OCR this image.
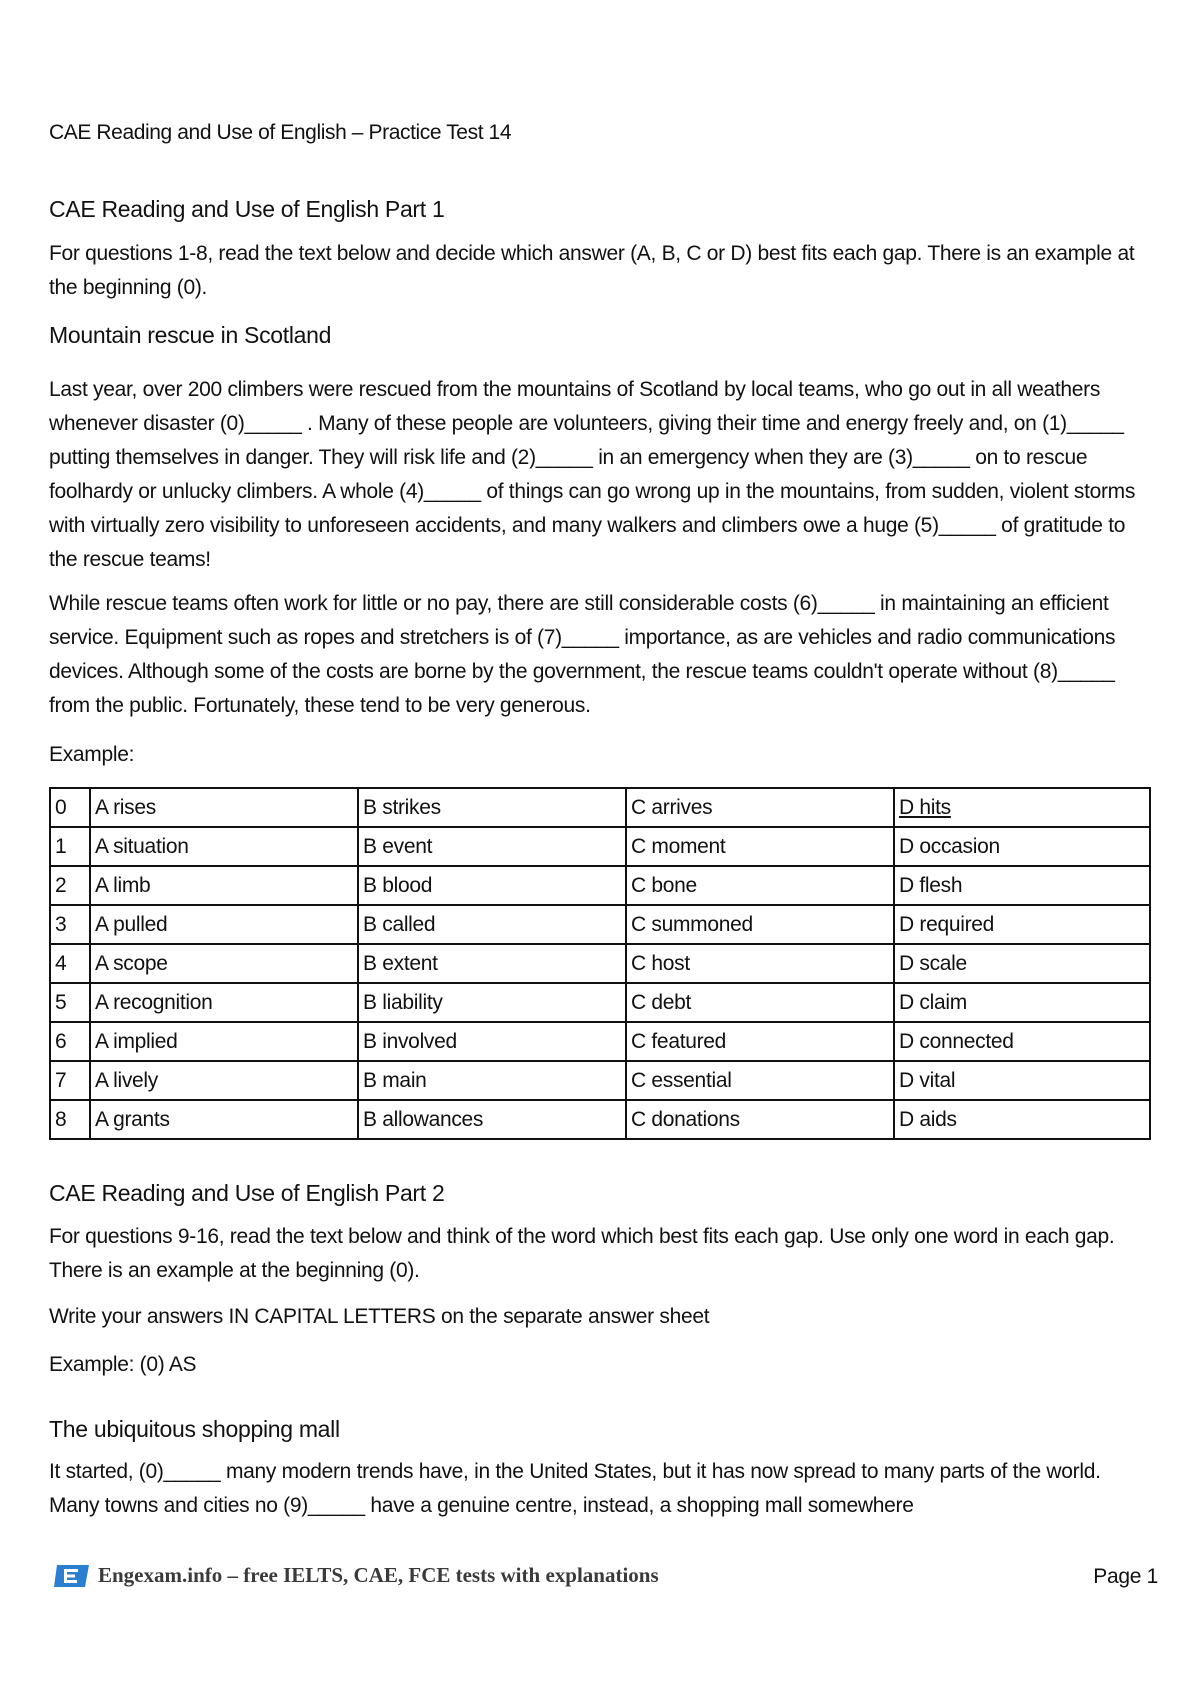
CAE Reading and Use of English – Practice Test 14
CAE Reading and Use of English Part 1

For questions 1-8, read the text below and decide which answer (A, B, C or D) best fits each gap. There is an example at the beginning (0).

Mountain rescue in Scotland

Last year, over 200 climbers were rescued from the mountains of Scotland by local teams, who go out in all weathers whenever disaster (0)_____ . Many of these people are volunteers, giving their time and energy freely and, on (1)_____ putting themselves in danger. They will risk life and (2)_____ in an emergency when they are (3)_____ on to rescue foolhardy or unlucky climbers. A whole (4)_____ of things can go wrong up in the mountains, from sudden, violent storms with virtually zero visibility to unforeseen accidents, and many walkers and climbers owe a huge (5)_____ of gratitude to the rescue teams!

While rescue teams often work for little or no pay, there are still considerable costs (6)_____ in maintaining an efficient service. Equipment such as ropes and stretchers is of (7)_____ importance, as are vehicles and radio communications devices. Although some of the costs are borne by the government, the rescue teams couldn't operate without (8)_____ from the public. Fortunately, these tend to be very generous.

Example:

0	A rises	B strikes	C arrives	D hits
1	A situation	B event	C moment	D occasion
2	A limb	B blood	C bone	D flesh
3	A pulled	B called	C summoned	D required
4	A scope	B extent	C host	D scale
5	A recognition	B liability	C debt	D claim
6	A implied	B involved	C featured	D connected
7	A lively	B main	C essential	D vital
8	A grants	B allowances	C donations	D aids
CAE Reading and Use of English Part 2

For questions 9-16, read the text below and think of the word which best fits each gap. Use only one word in each gap. There is an example at the beginning (0).

Write your answers IN CAPITAL LETTERS on the separate answer sheet

Example: (0) AS

The ubiquitous shopping mall

It started, (0)_____ many modern trends have, in the United States, but it has now spread to many parts of the world. Many towns and cities no (9)_____ have a genuine centre, instead, a shopping mall somewhere

Engexam.info – free IELTS, CAE, FCE tests with explanations	Page 1
